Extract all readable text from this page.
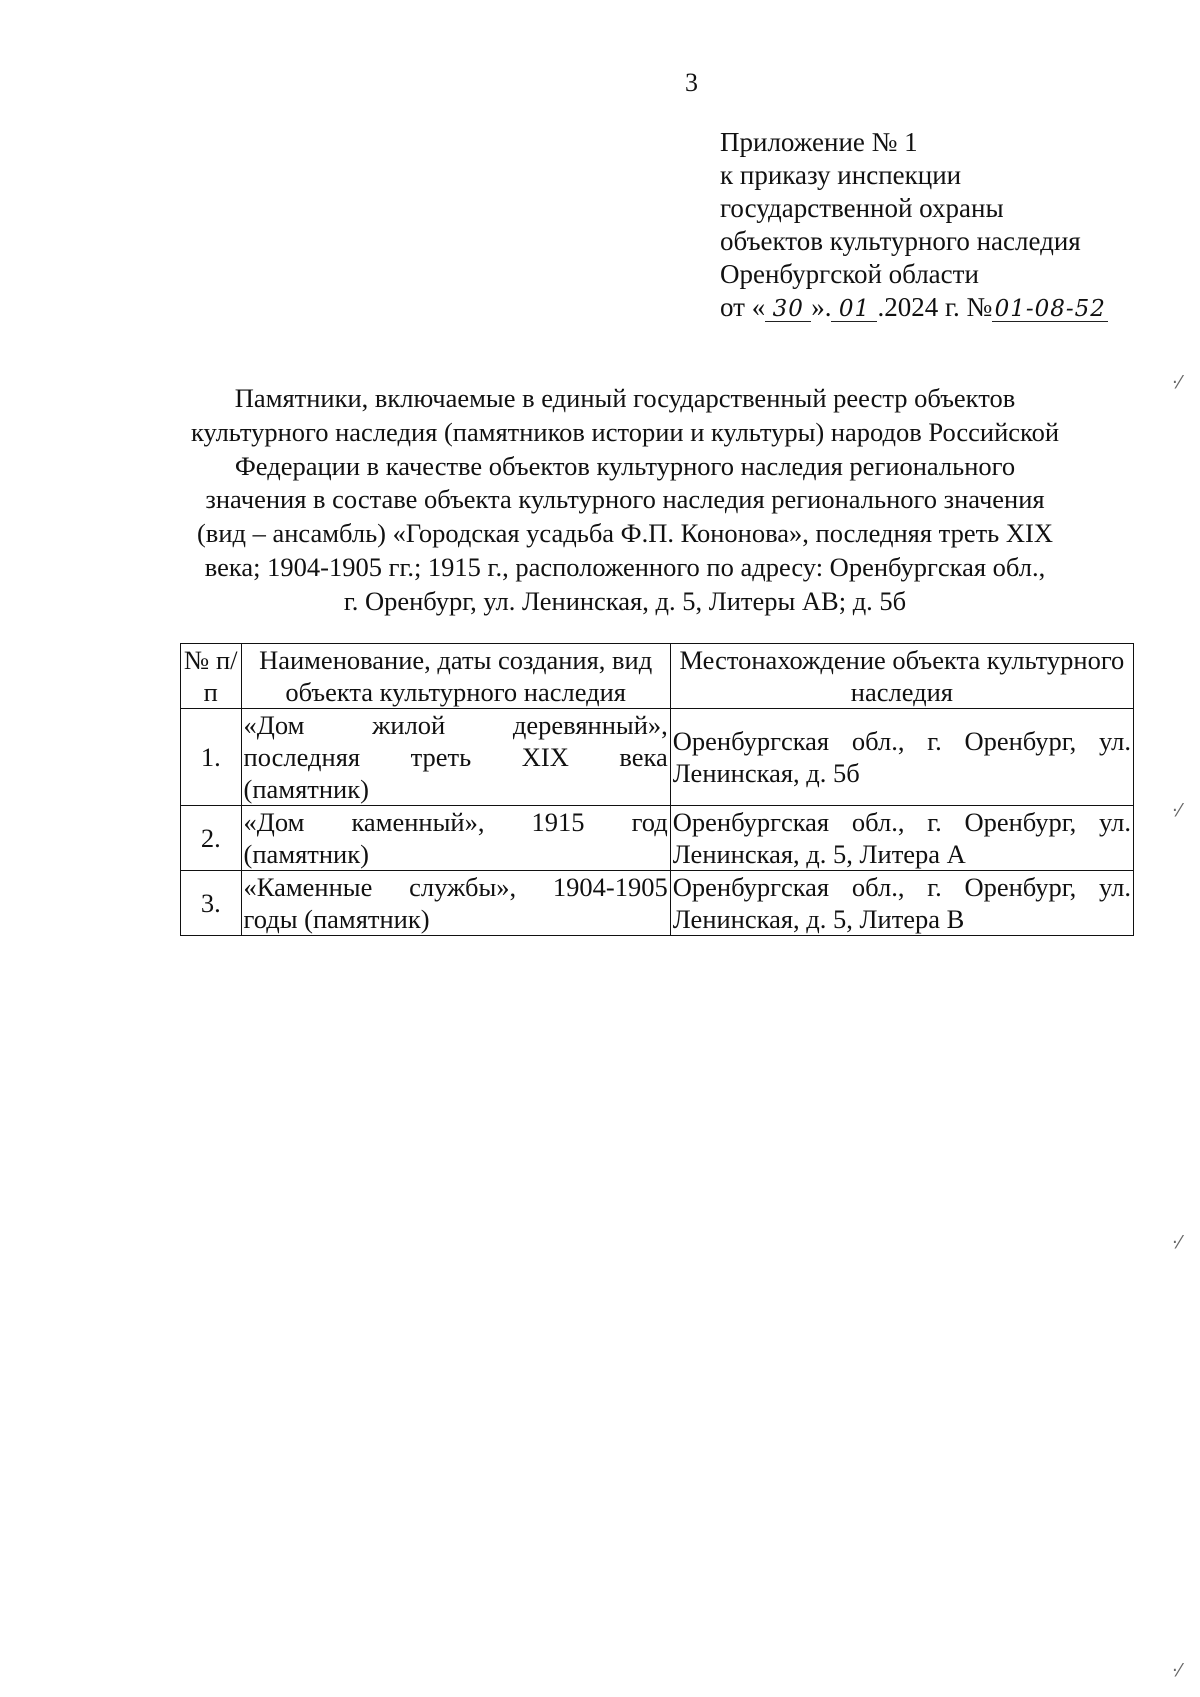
3
Приложение № 1
к приказу инспекции
государственной охраны
объектов культурного наследия
Оренбургской области
от « 30 ». 01 .2024 г. № 01-08-52
Памятники, включаемые в единый государственный реестр объектов
культурного наследия (памятников истории и культуры) народов Российской
Федерации в качестве объектов культурного наследия регионального
значения в составе объекта культурного наследия регионального значения
(вид – ансамбль) «Городская усадьба Ф.П. Кононова», последняя треть XIX
века; 1904-1905 гг.; 1915 г., расположенного по адресу: Оренбургская обл.,
г. Оренбург, ул. Ленинская, д. 5, Литеры АВ; д. 5б
№ п/п	Наименование, даты создания, вид объекта культурного наследия	Местонахождение объекта культурного наследия
1.	«Дом жилой деревянный», последняя треть XIX века (памятник)	Оренбургская обл., г. Оренбург, ул. Ленинская, д. 5б
2.	«Дом каменный», 1915 год (памятник)	Оренбургская обл., г. Оренбург, ул. Ленинская, д. 5, Литера А
3.	«Каменные службы», 1904-1905 годы (памятник)	Оренбургская обл., г. Оренбург, ул. Ленинская, д. 5, Литера В
·⁄
·⁄
·⁄
·⁄
